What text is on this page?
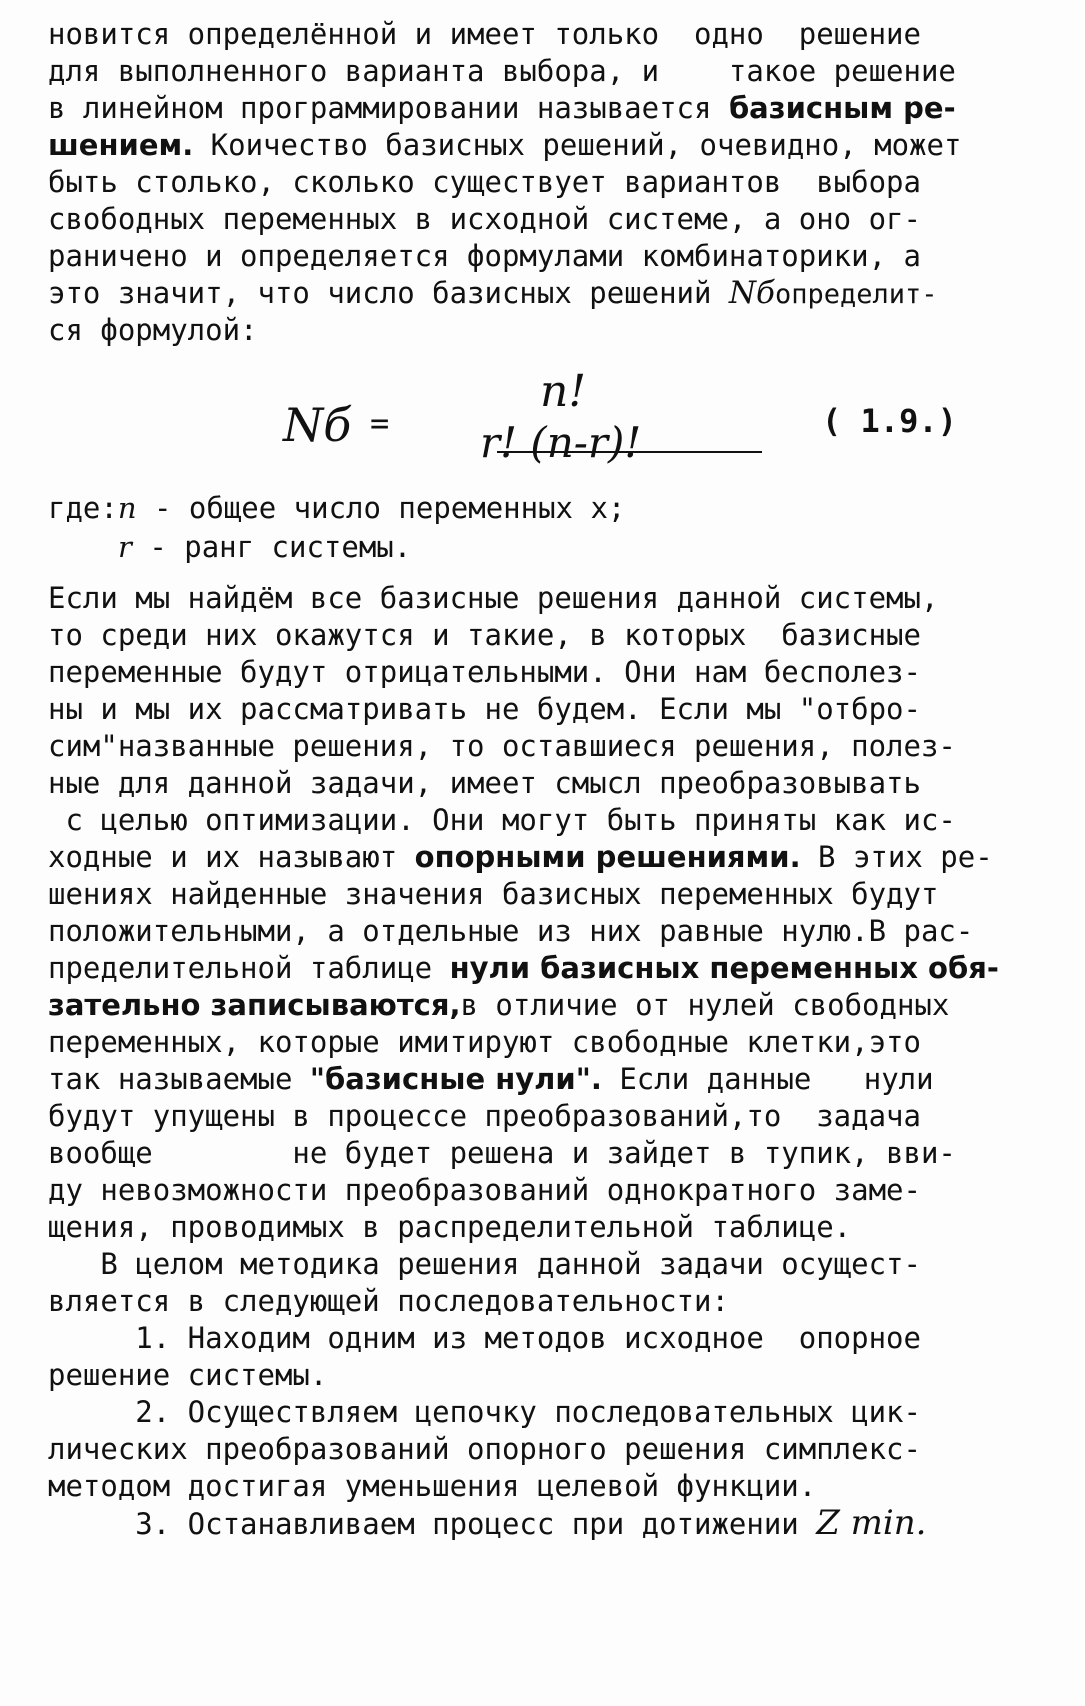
новится определённой и имеет только  одно  решение
для выполненного варианта выбора, и    такое решение
в линейном программировании называется базисным ре-
шением. Коичество базисных решений, очевидно, может
быть столько, сколько существует вариантов  выбора
свободных переменных в исходной системе, а оно ог-
раничено и определяется формулами комбинаторики, а
это значит, что число базисных решений Nбопределит-
ся формулой:
Nб =
n!
r! (n-r)!	( 1.9.)
где:n - общее число переменных х;
r - ранг системы.
Если мы найдём все базисные решения данной системы,
то среди них окажутся и такие, в которых  базисные
переменные будут отрицательными. Они нам бесполез-
ны и мы их рассматривать не будем. Если мы "отбро-
сим"названные решения, то оставшиеся решения, полез-
ные для данной задачи, имеет смысл преобразовывать
с целью оптимизации. Они могут быть приняты как ис-
ходные и их называют опорными решениями. В этих ре-
шениях найденные значения базисных переменных будут
положительными, а отдельные из них равные нулю.В рас-
пределительной таблице нули базисных переменных обя-
зательно записываются,в отличие от нулей свободных
переменных, которые имитируют свободные клетки,это
так называемые "базисные нули". Если данные   нули
будут упущены в процессе преобразований,то  задача
вообще        не будет решена и зайдет в тупик, вви-
ду невозможности преобразований однократного заме-
щения, проводимых в распределительной таблице.
В целом методика решения данной задачи осущест-
вляется в следующей последовательности:
1. Находим одним из методов исходное  опорное
решение системы.
2. Осуществляем цепочку последовательных цик-
лических преобразований опорного решения симплекс-
методом достигая уменьшения целевой функции.
3. Останавливаем процесс при дотижении Z min.
